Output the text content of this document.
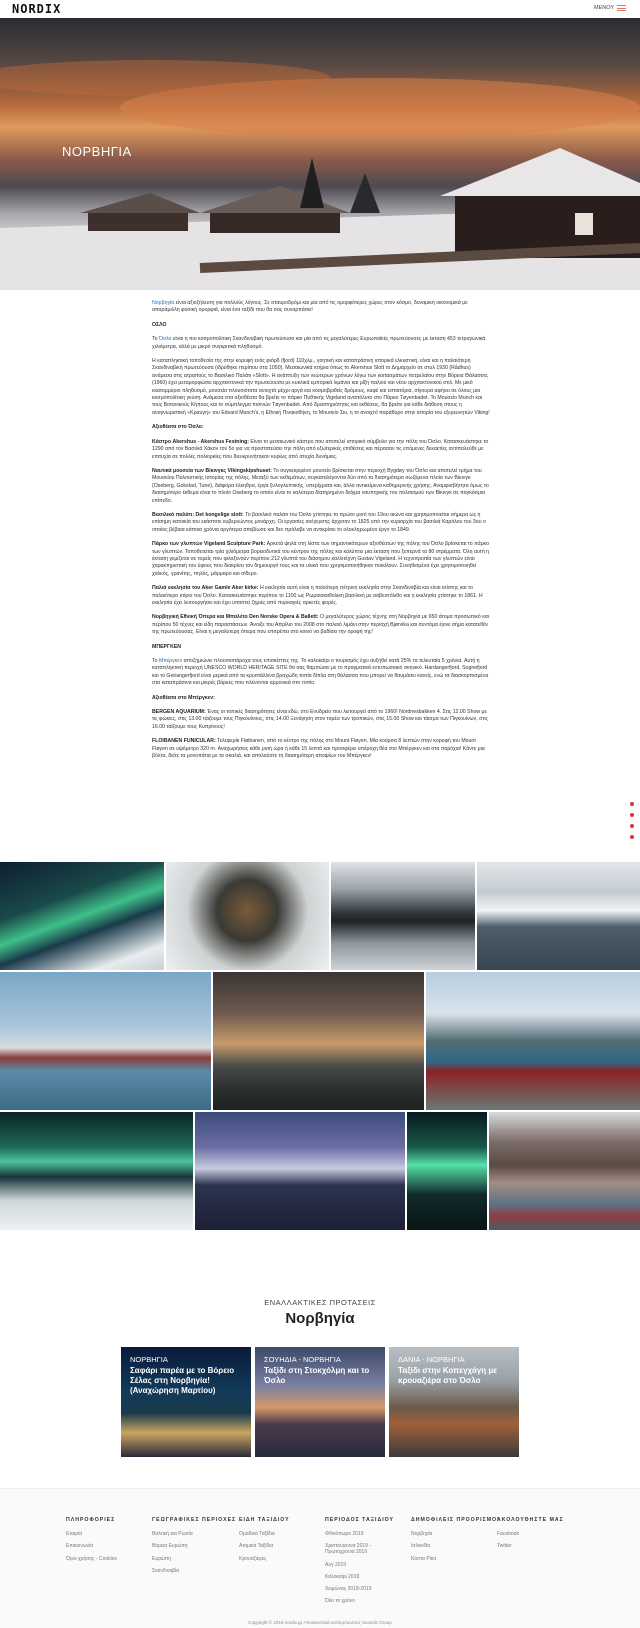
NORDIX	ΜΕΝΟΥ
ΝΟΡΒΗΓΙΑ

Νορβηγία είναι αξιοζήλευτη για πολλούς λόγους. Σε σταυροδρόμι και μία από τις ομορφότερες χώρες στον κόσμο, δυναμική οικονομικά με απαράμιλλη φυσική ομορφιά, είναι ένα ταξίδι που θα σας συναρπάσει!

ΟΣΛΟ

Το Όσλο είναι η πιο κοσμοπολίτικη Σκανδιναβική πρωτεύουσα και μία από τις μεγαλύτερες Ευρωπαϊκές πρωτεύουσες με έκταση 453 τετραγωνικά χιλιόμετρα, αλλά με μικρό συγκριτικά πληθυσμό.

Η καταπληκτική τοποθεσία της στην κορυφή ενός φιόρδ (fjord) 110χλμ., γοητική και καταπράσινη ιστορικά ελκυστική, είναι και η παλαιότερη Σκανδιναβική πρωτεύουσα (ιδρύθηκε περίπου στα 1050). Μεσαιωνικά κτήρια όπως το Akershus Slott το Δημαρχείο σε στυλ 1930 (Rådhus) ανάμεσα στις ατραπούς το Βασιλικό Παλάτι «Slott». Η ανάπτυξη των νεώτερων χρόνων λόγω των κοιτασμάτων πετρελαίου στην Βόρεια Θάλασσα, (1960) έχει μεταμορφώσει αρχιτεκτονικά την πρωτεύουσα με κυκλικά εμπορικά λιμάνια και μίξη παλιού και νέου αρχιτεκτονικού στιλ. Με μικό εκατομμύριο πληθυσμό, μουσεία πλουσιότατα ανοιχτά μέχρι αργά και κοσμοβριθείς δρόμους, καφέ και εστιατόρια, σίγουρα αφήνει σε όλους μια κοσμοπολίτικη γεύση. Ανάμεσα στα αξιοθέατα θα βρείτε το πάρκο Πυθτικής Vigeland αναπόλυτο στο Πάρκο Tøyenbadet. Το Μουσείο Munch και τους Βοτανικούς Κήπους και το σύμπλεγμα πισινών Tøyenbadet. Από δραστηριότητες και εκθέσεις, θα βρείτε για κάθε διάθεση στους η αναγνωριστική «Κραυγή» του Edvard Munch's, η Εθνική Πινακοθήκη, το Μουσείο Σκι, η το ανοιχτό παράθυρο στην ιστορία του εξερευνητών Viking!

Αξιοθέατα στο Όσλο:

Κάστρο Akershus - Akershus Festning: Είναι το μεσαιωνικό κάστρο που αποτελεί ιστορικό σύμβολο για την πόλη του Όσλο. Κατασκευάστηκε το 1290 από τον Βασιλιά Χάκον τον 5ο για να προστατεύσει την πόλη από εξωτερικές επιθέσεις και πέρασαν τις επόμενες δεκαετίες αντιπαλεύθε με επιτυχία σε πολλές πολιορκίες που διευκρυνήτηκαν κυρίως από ατυχία δυνάμεις.

Ναυτικά μουσεία των Βίκινγκς Vikingskipshuset: Το συγκεκριμένο μουσείο βρίσκεται στην περιοχή Bygdøy του Όσλο και αποτελεί τμήμα του Μουσείου Πολιτιστικής Ιστορίας της πόλης. Μεταξύ των εκθεμάτων, συγκαταλέγονται δύο από τα διασημότερα σωζόμενα πλοία των Βίκινγκ (Oseberg, Gokstad, Tune), διάφορα έλκηθρα, έργα ξυλογλυπτικής, υπερίχματα και, άλλα αντικείμενα καθημερινής χρήσης. Αναμφισβήτητα όμως το διασημότερο έκθεμα είναι το πλοίο Oseberg το οποίο είναι το καλύτερα διατηρημένο δείγμα ναυπηγικής του πολιτισμού των Βίκινγκ σε παγκόσμια επίπεδο.

Βασιλικό παλάτι: Det kongelige slott: Το βασιλικό παλάτι του Όσλο χτίστηκε το πρώτο μισό του 19ου αιώνα και χρησιμοποιείται σήμερα ως η επίσημη κατοικία του εκάστοτε κυβερνώντος μονάρχη. Οι εργασίες ανέγερσης άρχισαν το 1825 υπό την κυριαρχία του βασιλιά Καρόλου του 3ου ο οποίος βέβαια κάποια χρόνια αργότερα απεβίωσε και δεν πρόλαβε να αντικρίσει το ολοκληρωμένο έργο το 1849.

Πάρκο των γλυπτών Vigeland Sculpture Park: Αρκετά ψηλά στη λίστα των σημαντικότερων αξιοθέατων της πόλης του Όσλο βρίσκεται το πάρκο των γλυπτών. Τοποθετείται τρία χιλιόμετρα βορειοδυτικά του κέντρου της πόλης και καλύπτει μια έκταση που ξεπερνά τα 80 στρέμματα. Όλη αυτή η έκταση γεμίζεται σε τομείς που φιλοξενούν περίπου 212 γλυπτά του διάσημου καλλιτέχνη Gustav Vigeland. Η τεχνοτροπία των γλυπτών είναι χαρακτηριστική του ύφους που διακρίνει τον δημιουργό τους και τα υλικά που χρησιμοποιήθηκαν ποικίλουν. Συνηθισμένα έχει χρησιμοποιηθεί χαλκός, γρανίτης, πηλός, μάρμαρο και σίδερο.

Παλιά εκκλησία του Aker Gamle Aker kirke: Η εκκλησία αυτή είναι η παλιότερη πέτρινη εκκλησία στην Σκανδιναβία και είναι κτίστης και το παλαιότερο κτίριο του Όσλο. Κατασκευάστηκε περίπου το 1100 ως Ρωμαιοκαθολική βασιλική με ασβεστόλιθο και η εκκλησία χτίστηκε το 1861. Η εκκλησία έχει λειτουργήσει και έχει υποστεί ζημιές από πυρκαγιές αρκετές φορές.

Νορβηγική Εθνική Όπερα και Μπαλέτο Den Norske Opera & Ballett: Ο μεγαλύτερος χώρος τέχνης στη Νορβηγία με 650 άτομα προσωπικό και περίπου 50 τέχνες και είδη παραστάσεων. Άνοιξε του Απρίλιο του 2008 στο παλαιό λιμάνι στην περιοχή Bjørvika και συντόμα έγινε σήμα κατατεθέν της πρωτεύουσας. Είναι η μεγαλύτερη όπερα που επιτρέπει στο κοινό να βαδίσει την οροφή της!

ΜΠΕΡΓΚΕΝ

Το Μπέργκεν αποζημιώνει πλουσιοπάροχα τους επισκέπτες της. Το καλοκαίρι ο τουρισμός έχει αυξηθεί κατά 25% τα τελευταία 5 χρόνια. Αυτή η καταπληκτική περιοχή UNESCO WORLD HERITAGE SITE θα σας θαμπώσει με το πραγματικά εντυπωσιακό σκηνικό. Hardangerfjord, Sognefjord και το Geirangerfjord είναι μερικά από τα κρυστάλλινα βραχώδη τοπία δίπλα στη θάλασσα που μπορεί να θαυμάσει κανείς, ενώ τα διασκορπισμένα στα καταπράσινα και μικρές βάρκες που πλένονται αρμονικά στο τοπίο.

Αξιοθέατα στο Μπέργκεν:

BERGEN AQUARIUM: Ένας οι τοπικές διασημότητες είναι εδώ, στο Ενυδρείο που λειτουργεί από το 1960! Nordnesbakken 4. Στις 12.00 Show με τις φώκιες, στις 13.00 τάιζουμε τους Πιγκουίνους, στις 14.00 Ξενάγηση στον τομέα των τροπικών, στις 15.00 Show και τάισμα των Πιγκουίνων, στις 16.00 ταΐζουμε τους Κυπρίνους!

FLOIBANEN FUNICULAR: Τελεφερίκ Fløibanen, από το κέντρο της πόλης στο Mount Fløyen. Μία κούρσα 8 λεπτών στην κορυφή του Mount Fløyen σε υψόμετρο 320 m. Αναχωρήσεις κάθε μισή ώρα ή κάθε 15 λεπτά και προσφέρει υπέροχη θέα στο Μπέργκεν και στα παρόχια! Κάντε μια βόλτα, δείτε τα μονοπάτια με τα σκαλιά, και απολαύστε τη διασημότερη αποψίων του Μπέργκεν!

ΕΝΑΛΛΑΚΤΙΚΕΣ ΠΡΟΤΑΣΕΙΣ
Νορβηγία
ΝΟΡΒΗΓΙΑ
Σαφάρι παρέα με το Βόρειο Σέλας στη Νορβηγία! (Αναχώρηση Μαρτίου)
ΣΟΥΗΔΙΑ - ΝΟΡΒΗΓΙΑ
Ταξίδι στη Στοκχόλμη και το Όσλο
ΔΑΝΙΑ - ΝΟΡΒΗΓΙΑ
Ταξίδι στην Κοπεγχάγη με κρουαζιέρα στο Όσλο
ΠΛΗΡΟΦΟΡΙΕΣ
Εταιρία
Επικοινωνία
Όροι χρήσης - Cookies
ΓΕΩΓΡΑΦΙΚΕΣ ΠΕΡΙΟΧΕΣ
Βαλτική και Ρωσία
Βόρεια Ευρώπη
Ευρώπη
Σκανδιναβία
ΕΙΔΗ ΤΑΞΙΔΙΟΥ
Ομαδικά Ταξίδια
Ατομικά Ταξίδια
Κρουαζιέρες
ΠΕΡΙΟΔΟΣ ΤΑΞΙΔΙΟΥ
Φθινόπωρο 2019
Χριστούγεννα 2019 - Πρωτοχρονιά 2019
Αυγ 2019
Καλοκαίρι 2019
Χειμώνας 2018-2019
Όλο το χρόνο
ΔΗΜΟΦΙΛΕΙΣ ΠΡΟΟΡΙΣΜΟΙ
Νορβηγία
Ισλανδία
Κόστα Ρίκα
ΑΚΟΛΟΥΘΗΣΤΕ ΜΑΣ
Facebook
Twitter
Copyright © 2019 nordix.gr Αποκλειστικά αντιπρόσωπος Scandic Group
